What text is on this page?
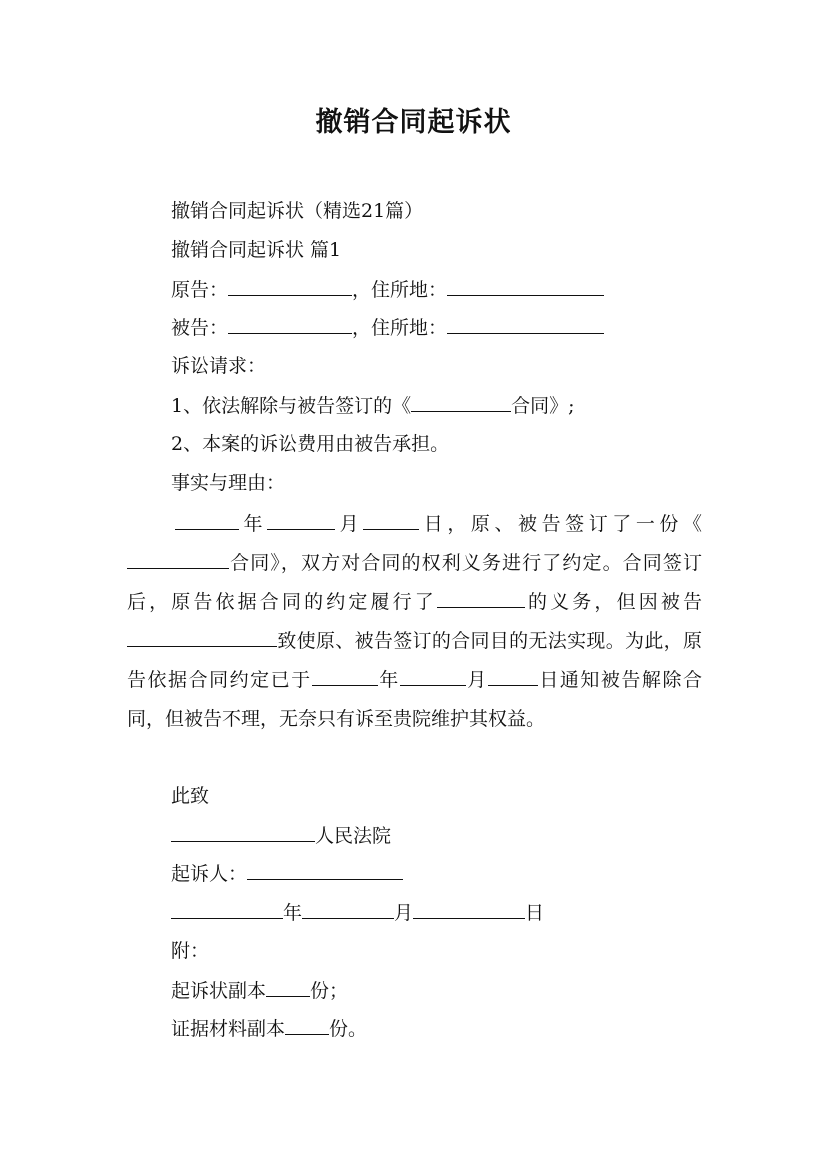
撤销合同起诉状
撤销合同起诉状（精选21篇）
撤销合同起诉状 篇1
原告：	，住所地：
被告：	，住所地：
诉讼请求：
1、依法解除与被告签订的《	合同》;
2、本案的诉讼费用由被告承担。
事实与理由：
年	月	日，原、被告签订了一份《合同》，双方对合同的权利义务进行了约定。合同签订后，原告依据合同的约定履行了	的义务，但因被告致使原、被告签订的合同目的无法实现。为此，原告依据合同约定已于	年	月	日通知被告解除合同，但被告不理，无奈只有诉至贵院维护其权益。
此致
人民法院
起诉人：
年	月	日
附：
起诉状副本 份；
证据材料副本 份。
